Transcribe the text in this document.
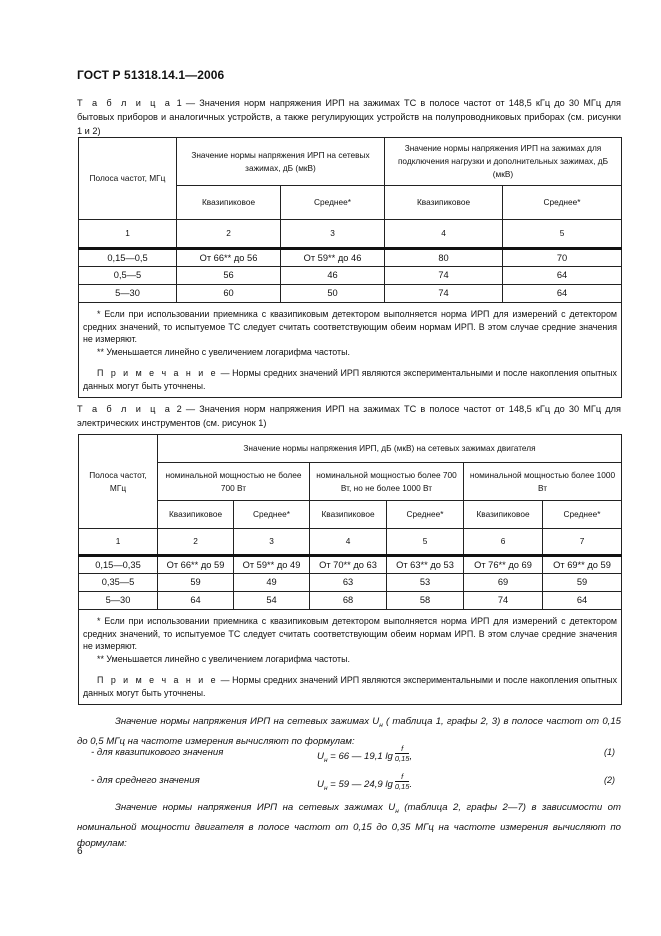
ГОСТ Р 51318.14.1—2006
Т а б л и ц а 1 — Значения норм напряжения ИРП на зажимах ТС в полосе частот от 148,5 кГц до 30 МГц для бытовых приборов и аналогичных устройств, а также регулирующих устройств на полупроводниковых приборах (см. рисунки 1 и 2)
Полоса частот, МГц	Значение нормы напряжения ИРП на сетевых зажимах, дБ (мкВ)		Значение нормы напряжения ИРП на зажимах для подключения нагрузки и дополнительных зажимах, дБ (мкВ)	
	Квазипиковое	Среднее*	Квазипиковое	Среднее*
1	2	3	4	5
0,15—0,5	От 66** до 56	От 59** до 46	80	70
0,5—5	56	46	74	64
5—30	60	50	74	64

* Если при использовании приемника с квазипиковым детектором выполняется норма ИРП для измерений с детектором средних значений, то испытуемое ТС следует считать соответствующим обеим нормам ИРП. В этом случае средние значения не измеряют.

** Уменьшается линейно с увеличением логарифма частоты.

П р и м е ч а н и е — Нормы средних значений ИРП являются экспериментальными и после накопления опытных данных могут быть уточнены.				

Т а б л и ц а 2 — Значения норм напряжения ИРП на зажимах ТС в полосе частот от 148,5 кГц до 30 МГц для электрических инструментов (см. рисунок 1)
Полоса частот, МГц	Значение нормы напряжения ИРП, дБ (мкВ) на сетевых зажимах двигателя					
	номинальной мощностью не более 700 Вт		номинальной мощностью более 700 Вт, но не более 1000 Вт		номинальной мощностью более 1000 Вт	
	Квазипиковое	Среднее*	Квазипиковое	Среднее*	Квазипиковое	Среднее*
1	2	3	4	5	6	7
0,15—0,35	От 66** до 59	От 59** до 49	От 70** до 63	От 63** до 53	От 76** до 69	От 69** до 59
0,35—5	59	49	63	53	69	59
5—30	64	54	68	58	74	64

* Если при использовании приемника с квазипиковым детектором выполняется норма ИРП для измерений с детектором средних значений, то испытуемое ТС следует считать соответствующим обеим нормам ИРП. В этом случае средние значения не измеряют.

** Уменьшается линейно с увеличением логарифма частоты.

П р и м е ч а н и е — Нормы средних значений ИРП являются экспериментальными и после накопления опытных данных могут быть уточнены.						

Значение нормы напряжения ИРП на сетевых зажимах $U_н$ ( таблица 1, графы 2, 3) в полосе частот от 0,15 до 0,5 МГц на частоте измерения вычисляют по формулам:

- для квазипикового значения	$U_н = 66$ — 19,1 $\lg \frac{f}{0,15}$ ,	(1)
- для среднего значения	$U_н = 59$ — 24,9 $\lg \frac{f}{0,15}$ .	(2)

Значение нормы напряжения ИРП на сетевых зажимах $U_н$ (таблица 2, графы 2—7) в зависимости от номинальной мощности двигателя в полосе частот от 0,15 до 0,35 МГц на частоте измерения вычисляют по формулам:

6
